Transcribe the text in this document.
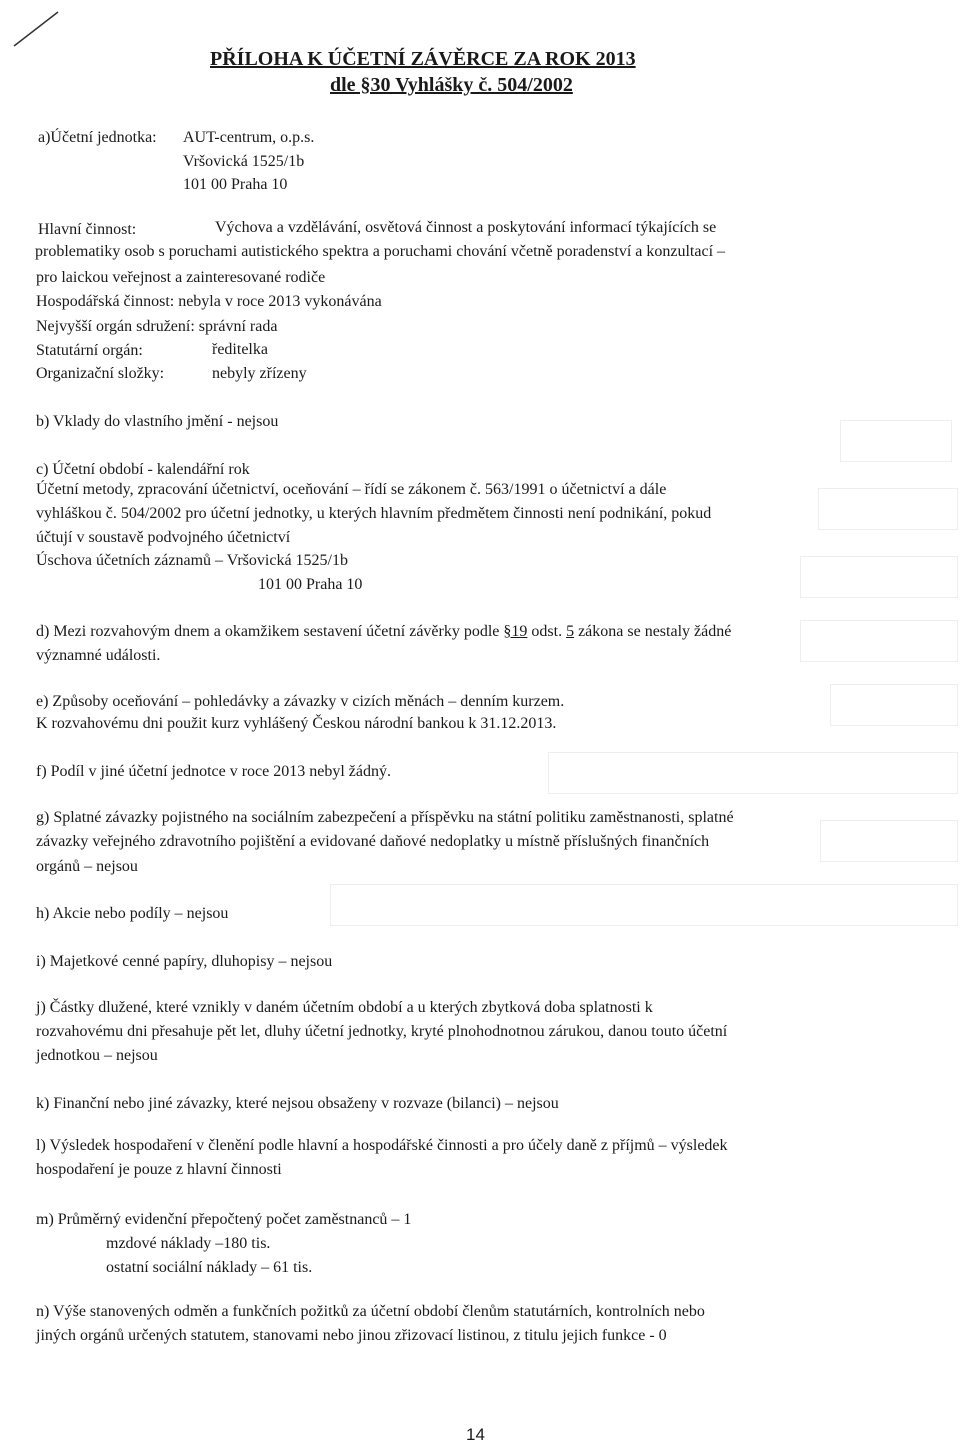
PŘÍLOHA K ÚČETNÍ ZÁVĚRCE ZA ROK 2013
dle §30 Vyhlášky č. 504/2002
a)Účetní jednotka: AUT-centrum, o.p.s.
Vršovická 1525/1b
101 00 Praha 10
Hlavní činnost:	Výchova a vzdělávání, osvětová činnost a poskytování informací týkajících se
problematiky osob s poruchami autistického spektra a poruchami chování včetně poradenství a konzultací –
pro laickou veřejnost a zainteresované rodiče
Hospodářská činnost: nebyla v roce 2013 vykonávána
Nejvyšší orgán sdružení: správní rada
Statutární orgán:	ředitelka
Organizační složky:	nebyly zřízeny
b) Vklady do vlastního jmění - nejsou
c) Účetní období - kalendářní rok
Účetní metody, zpracování účetnictví, oceňování – řídí se zákonem č. 563/1991 o účetnictví a dále
vyhláškou č. 504/2002 pro účetní jednotky, u kterých hlavním předmětem činnosti není podnikání, pokud
účtují v soustavě podvojného účetnictví
Úschova účetních záznamů – Vršovická 1525/1b
101 00 Praha 10
d) Mezi rozvahovým dnem a okamžikem sestavení účetní závěrky podle §19 odst. 5 zákona se nestaly žádné
významné události.
e) Způsoby oceňování – pohledávky a závazky v cizích měnách – denním kurzem.
K rozvahovému dni použit kurz vyhlášený Českou národní bankou k 31.12.2013.
f) Podíl v jiné účetní jednotce v roce 2013 nebyl žádný.
g) Splatné závazky pojistného na sociálním zabezpečení a příspěvku na státní politiku zaměstnanosti, splatné
závazky veřejného zdravotního pojištění a evidované daňové nedoplatky u místně příslušných finančních
orgánů – nejsou
h) Akcie nebo podíly – nejsou
i) Majetkové cenné papíry, dluhopisy – nejsou
j) Částky dlužené, které vznikly v daném účetním období a u kterých zbytková doba splatnosti k
rozvahovému dni přesahuje pět let, dluhy účetní jednotky, kryté plnohodnotnou zárukou, danou touto účetní
jednotkou – nejsou
k) Finanční nebo jiné závazky, které nejsou obsaženy v rozvaze (bilanci) – nejsou
l) Výsledek hospodaření v členění podle hlavní a hospodářské činnosti a pro účely daně z příjmů – výsledek
hospodaření je pouze z hlavní činnosti
m) Průměrný evidenční přepočtený počet zaměstnanců – 1
mzdové náklady –180 tis.
ostatní sociální náklady – 61 tis.
n) Výše stanovených odměn a funkčních požitků za účetní období členům statutárních, kontrolních nebo
jiných orgánů určených statutem, stanovami nebo jinou zřizovací listinou, z titulu jejich funkce - 0
14
